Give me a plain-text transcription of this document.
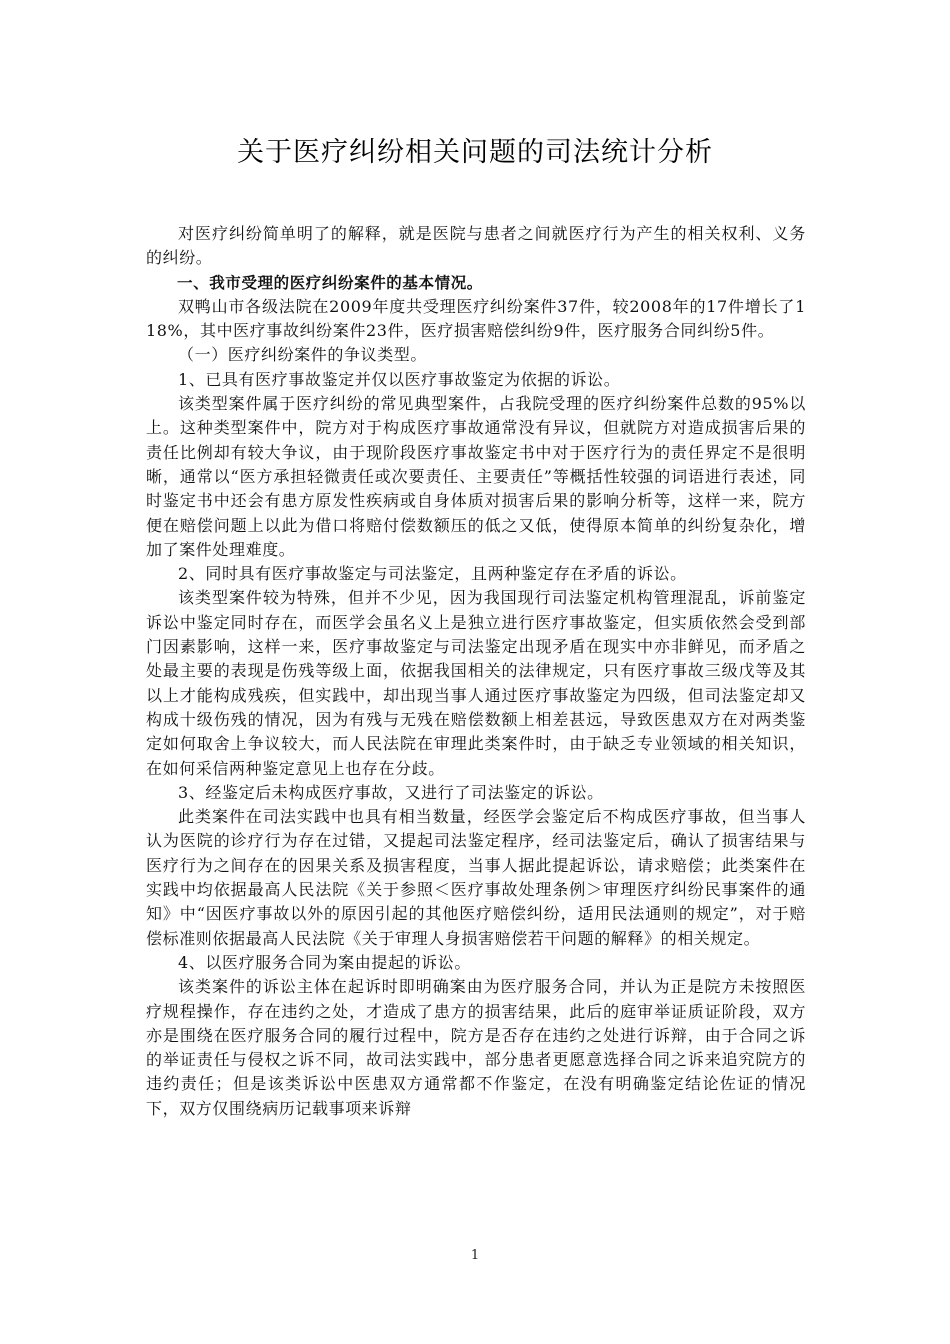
关于医疗纠纷相关问题的司法统计分析

对医疗纠纷简单明了的解释，就是医院与患者之间就医疗行为产生的相关权利、义务的纠纷。

一、我市受理的医疗纠纷案件的基本情况。

双鸭山市各级法院在2009年度共受理医疗纠纷案件37件，较2008年的17件增长了118%，其中医疗事故纠纷案件23件，医疗损害赔偿纠纷9件，医疗服务合同纠纷5件。

（一）医疗纠纷案件的争议类型。

1、已具有医疗事故鉴定并仅以医疗事故鉴定为依据的诉讼。

该类型案件属于医疗纠纷的常见典型案件，占我院受理的医疗纠纷案件总数的95%以上。这种类型案件中，院方对于构成医疗事故通常没有异议，但就院方对造成损害后果的责任比例却有较大争议，由于现阶段医疗事故鉴定书中对于医疗行为的责任界定不是很明晰，通常以“医方承担轻微责任或次要责任、主要责任”等概括性较强的词语进行表述，同时鉴定书中还会有患方原发性疾病或自身体质对损害后果的影响分析等，这样一来，院方便在赔偿问题上以此为借口将赔付偿数额压的低之又低，使得原本简单的纠纷复杂化，增加了案件处理难度。

2、同时具有医疗事故鉴定与司法鉴定，且两种鉴定存在矛盾的诉讼。

该类型案件较为特殊，但并不少见，因为我国现行司法鉴定机构管理混乱，诉前鉴定诉讼中鉴定同时存在，而医学会虽名义上是独立进行医疗事故鉴定，但实质依然会受到部门因素影响，这样一来，医疗事故鉴定与司法鉴定出现矛盾在现实中亦非鲜见，而矛盾之处最主要的表现是伤残等级上面，依据我国相关的法律规定，只有医疗事故三级戊等及其以上才能构成残疾，但实践中，却出现当事人通过医疗事故鉴定为四级，但司法鉴定却又构成十级伤残的情况，因为有残与无残在赔偿数额上相差甚远，导致医患双方在对两类鉴定如何取舍上争议较大，而人民法院在审理此类案件时，由于缺乏专业领域的相关知识，在如何采信两种鉴定意见上也存在分歧。

3、经鉴定后未构成医疗事故，又进行了司法鉴定的诉讼。

此类案件在司法实践中也具有相当数量，经医学会鉴定后不构成医疗事故，但当事人认为医院的诊疗行为存在过错，又提起司法鉴定程序，经司法鉴定后，确认了损害结果与医疗行为之间存在的因果关系及损害程度，当事人据此提起诉讼，请求赔偿；此类案件在实践中均依据最高人民法院《关于参照＜医疗事故处理条例＞审理医疗纠纷民事案件的通知》中“因医疗事故以外的原因引起的其他医疗赔偿纠纷，适用民法通则的规定”，对于赔偿标准则依据最高人民法院《关于审理人身损害赔偿若干问题的解释》的相关规定。

4、以医疗服务合同为案由提起的诉讼。

该类案件的诉讼主体在起诉时即明确案由为医疗服务合同，并认为正是院方未按照医疗规程操作，存在违约之处，才造成了患方的损害结果，此后的庭审举证质证阶段，双方亦是围绕在医疗服务合同的履行过程中，院方是否存在违约之处进行诉辩，由于合同之诉的举证责任与侵权之诉不同，故司法实践中，部分患者更愿意选择合同之诉来追究院方的违约责任；但是该类诉讼中医患双方通常都不作鉴定，在没有明确鉴定结论佐证的情况下，双方仅围绕病历记载事项来诉辩

1
